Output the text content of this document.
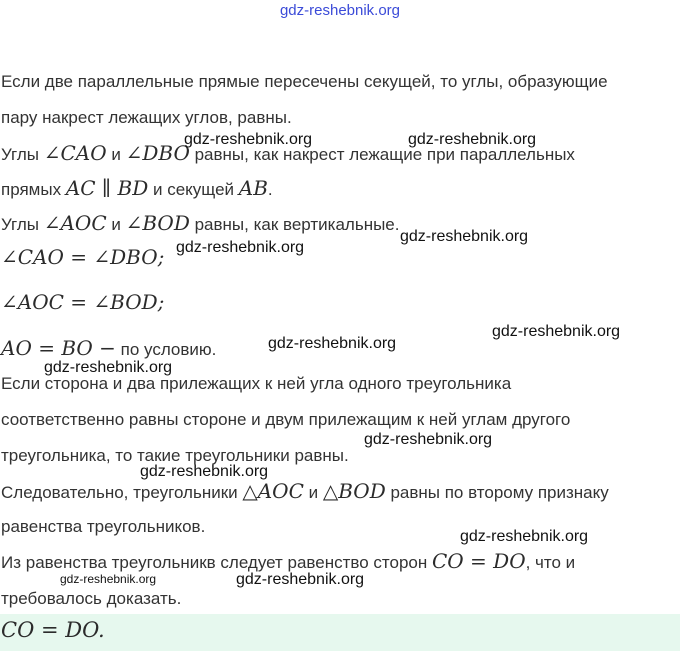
gdz-reshebnik.org
Если две параллельные прямые пересечены секущей, то углы, образующие
пару накрест лежащих углов, равны.
Углы ∠CAO и ∠DBO равны, как накрест лежащие при параллельных
прямых AC ∥ BD и секущей AB.
Углы ∠AOC и ∠BOD равны, как вертикальные.
∠CAO = ∠DBO;
∠AOC = ∠BOD;
AO = BO − по условию.
Если сторона и два прилежащих к ней угла одного треугольника
соответственно равны стороне и двум прилежащим к ней углам другого
треугольника, то такие треугольники равны.
Следовательно, треугольники △AOC и △BOD равны по второму признаку
равенства треугольников.
Из равенства треугольникв следует равенство сторон CO = DO, что и
требовалось доказать.
CO = DO.
gdz-reshebnik.org	gdz-reshebnik.org
gdz-reshebnik.org
gdz-reshebnik.org
gdz-reshebnik.org
gdz-reshebnik.org
gdz-reshebnik.org
gdz-reshebnik.org
gdz-reshebnik.org
gdz-reshebnik.org
gdz-reshebnik.org	gdz-reshebnik.org
